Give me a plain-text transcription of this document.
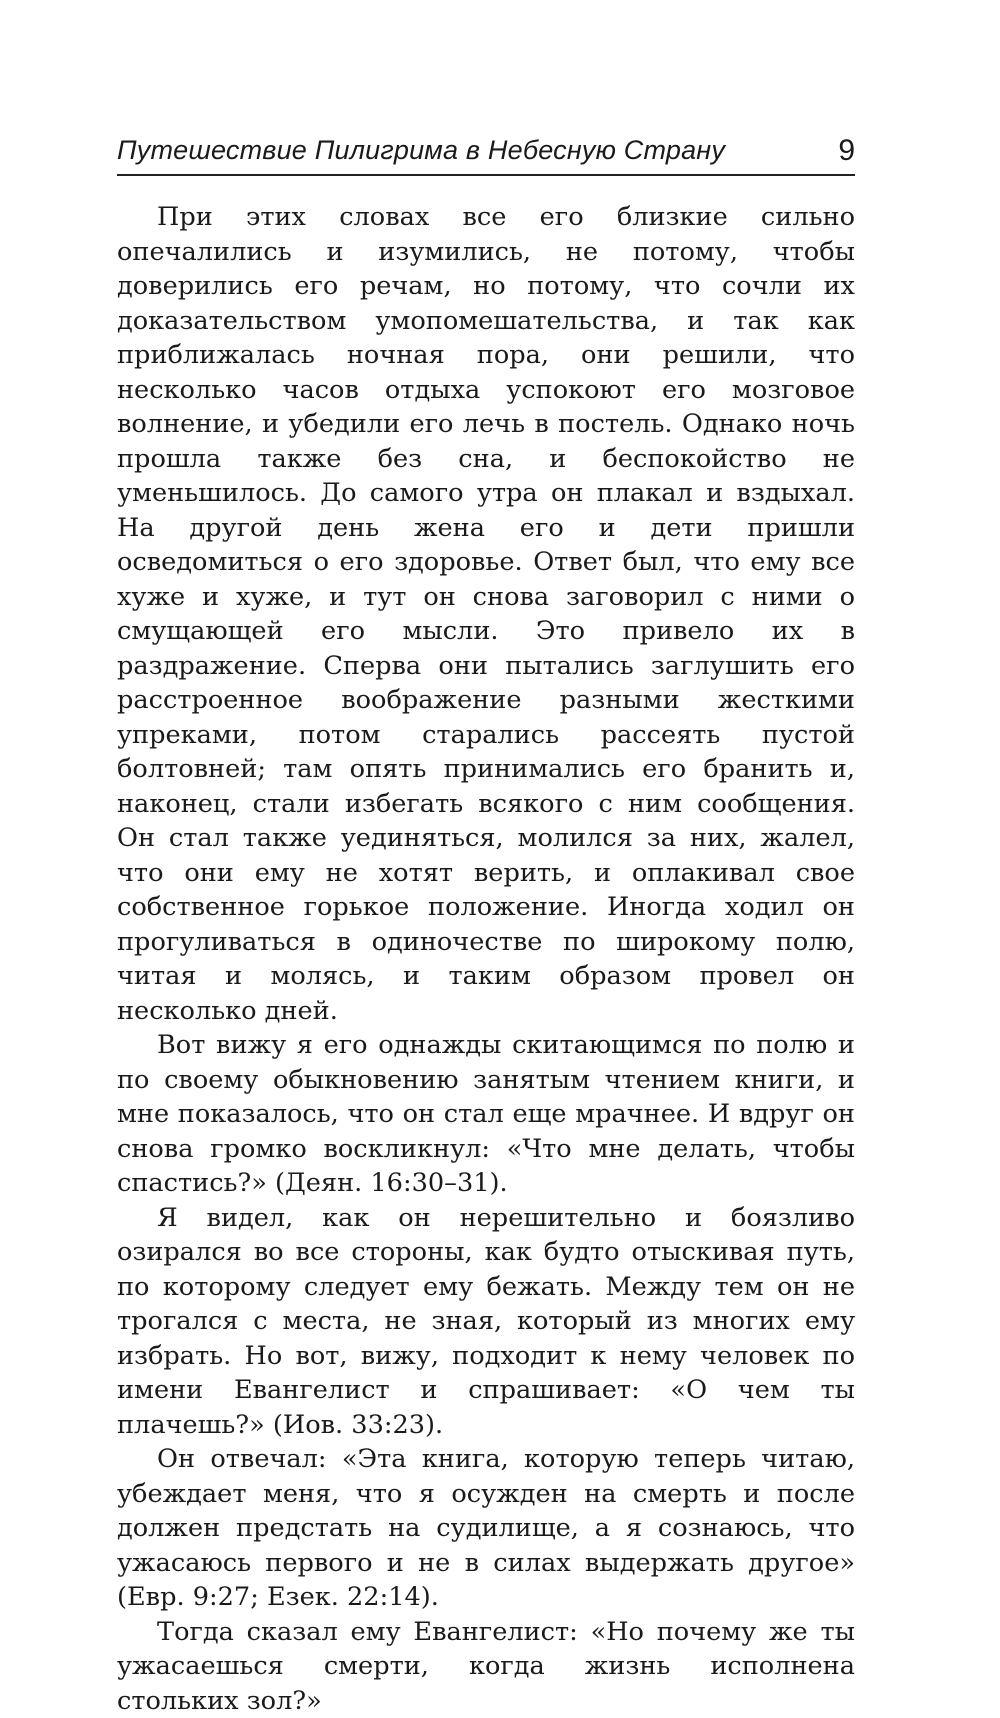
Путешествие Пилигрима в Небесную Страну	9

При этих словах все его близкие сильно опечалились и изумились, не потому, чтобы доверились его речам, но потому, что сочли их доказательством умопомешательства, и так как приближалась ночная пора, они решили, что несколько часов отдыха успокоют его мозговое волнение, и убедили его лечь в постель. Однако ночь прошла также без сна, и беспокойство не уменьшилось. До самого утра он плакал и вздыхал. На другой день жена его и дети пришли осведомиться о его здоровье. Ответ был, что ему все хуже и хуже, и тут он снова заговорил с ними о смущающей его мысли. Это привело их в раздражение. Сперва они пытались заглушить его расстроенное воображение разными жесткими упреками, потом старались рассеять пустой болтовней; там опять принимались его бранить и, наконец, стали избегать всякого с ним сообщения. Он стал также уединяться, молился за них, жалел, что они ему не хотят верить, и оплакивал свое собственное горькое положение. Иногда ходил он прогуливаться в одиночестве по широкому полю, читая и молясь, и таким образом провел он несколько дней.

Вот вижу я его однажды скитающимся по полю и по своему обыкновению занятым чтением книги, и мне показалось, что он стал еще мрачнее. И вдруг он снова громко воскликнул: «Что мне делать, чтобы спастись?» (Деян. 16:30–31).

Я видел, как он нерешительно и боязливо озирался во все стороны, как будто отыскивая путь, по которому следует ему бежать. Между тем он не трогался с места, не зная, который из многих ему избрать. Но вот, вижу, подходит к нему человек по имени Евангелист и спрашивает: «О чем ты плачешь?» (Иов. 33:23).

Он отвечал: «Эта книга, которую теперь читаю, убеждает меня, что я осужден на смерть и после должен предстать на судилище, а я сознаюсь, что ужасаюсь первого и не в силах выдержать другое» (Евр. 9:27; Езек. 22:14).

Тогда сказал ему Евангелист: «Но почему же ты ужасаешься смерти, когда жизнь исполнена стольких зол?»
